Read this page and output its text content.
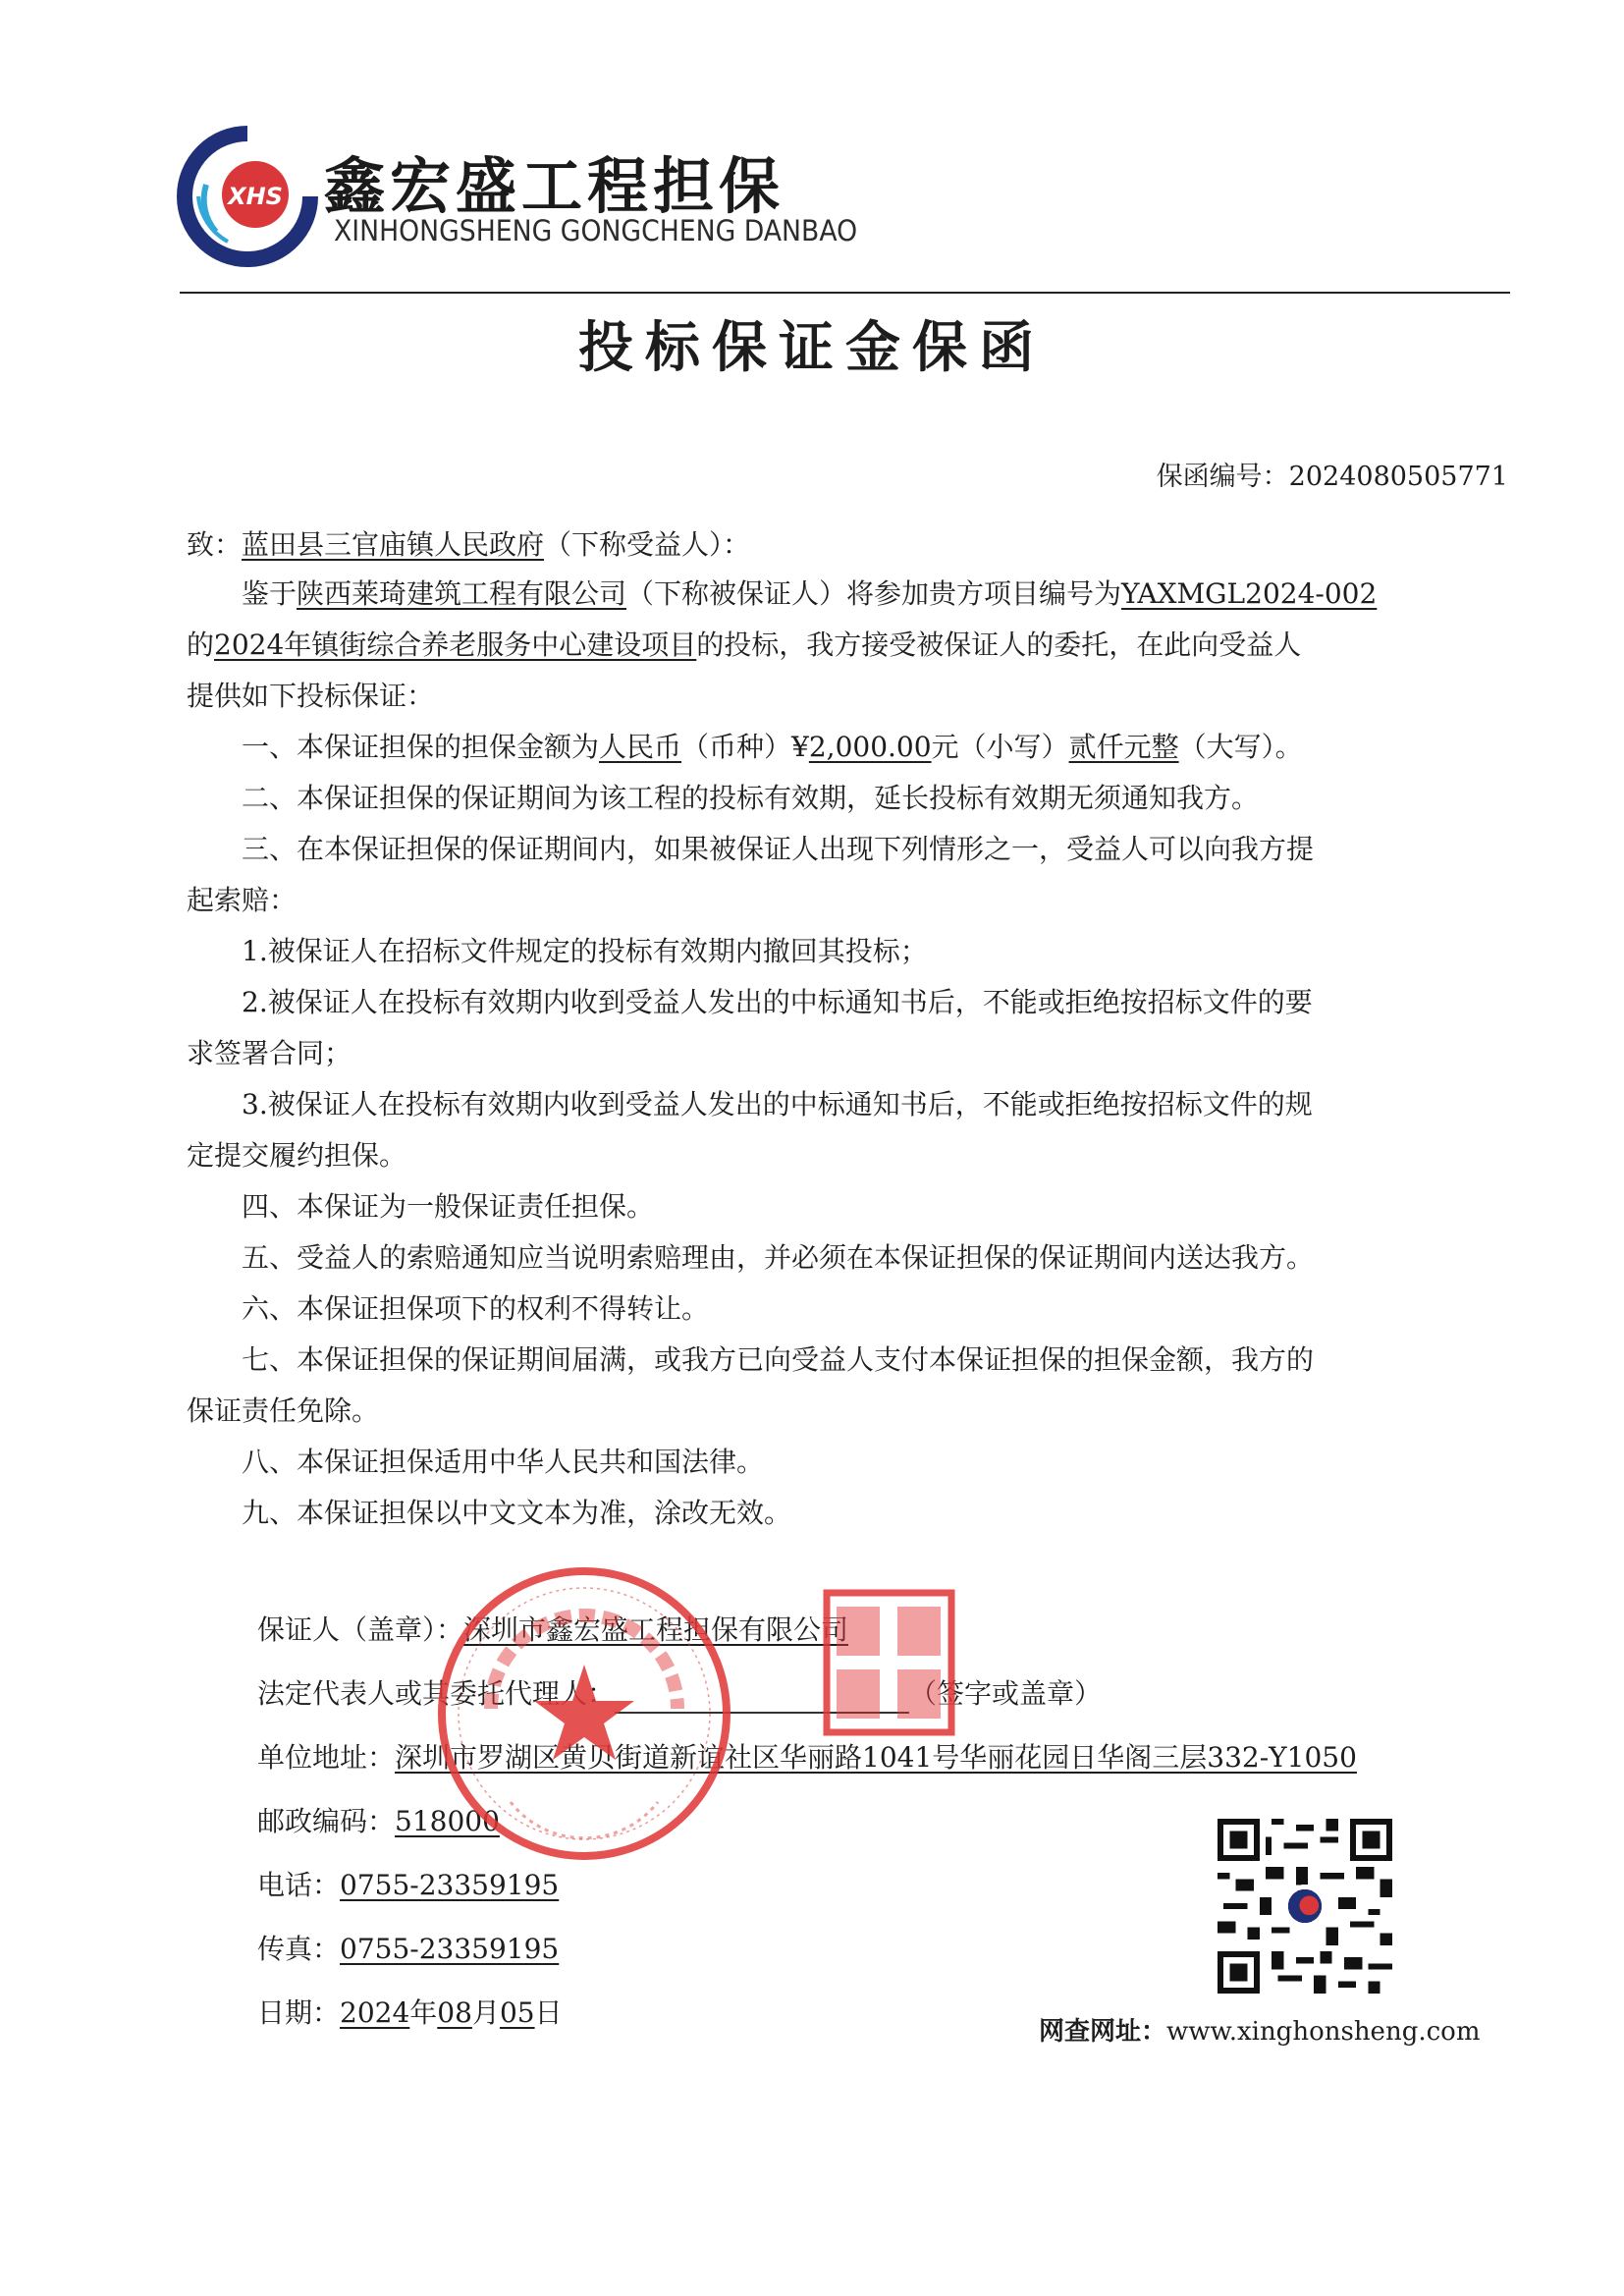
XHS 鑫宏盛工程担保
XINHONGSHENG GONGCHENG DANBAO
投标保证金保函
保函编号：2024080505771
致：蓝田县三官庙镇人民政府（下称受益人）：
鉴于陕西莱琦建筑工程有限公司（下称被保证人）将参加贵方项目编号为YAXMGL2024-002
的2024年镇街综合养老服务中心建设项目的投标，我方接受被保证人的委托，在此向受益人
提供如下投标保证：
一、本保证担保的担保金额为人民币（币种）¥2,000.00元（小写）贰仟元整（大写）。
二、本保证担保的保证期间为该工程的投标有效期，延长投标有效期无须通知我方。
三、在本保证担保的保证期间内，如果被保证人出现下列情形之一，受益人可以向我方提
起索赔：
1.被保证人在招标文件规定的投标有效期内撤回其投标；
2.被保证人在投标有效期内收到受益人发出的中标通知书后，不能或拒绝按招标文件的要
求签署合同；
3.被保证人在投标有效期内收到受益人发出的中标通知书后，不能或拒绝按招标文件的规
定提交履约担保。
四、本保证为一般保证责任担保。
五、受益人的索赔通知应当说明索赔理由，并必须在本保证担保的保证期间内送达我方。
六、本保证担保项下的权利不得转让。
七、本保证担保的保证期间届满，或我方已向受益人支付本保证担保的担保金额，我方的
保证责任免除。
八、本保证担保适用中华人民共和国法律。
九、本保证担保以中文文本为准，涂改无效。
保证人（盖章）：深圳市鑫宏盛工程担保有限公司
法定代表人或其委托代理人：	（签字或盖章）
单位地址：深圳市罗湖区黄贝街道新谊社区华丽路1041号华丽花园日华阁三层332-Y1050
邮政编码：518000
电话：0755-23359195
传真：0755-23359195
日期：2024年08月05日
网查网址：www.xinghonsheng.com
